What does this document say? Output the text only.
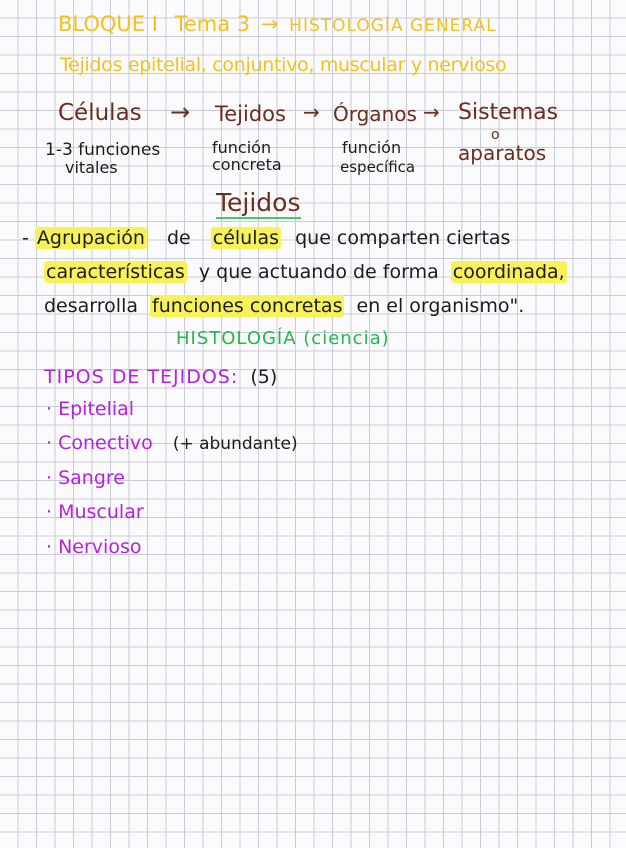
BLOQUE I Tema 3 → HISTOLOGÍA GENERAL
Tejidos epitelial, conjuntivo, muscular y nervioso
Células → Tejidos → Órganos → Sistemas
1-3 funciones
vitales
función
concreta
función
específica
o
aparatos
Tejidos
- Agrupación de células que comparten ciertas
características y que actuando de forma coordinada,
desarrolla funciones concretas en el organismo".
HISTOLOGÍA (ciencia)
TIPOS DE TEJIDOS: (5)
· Epitelial
· Conectivo (+ abundante)
· Sangre
· Muscular
· Nervioso
